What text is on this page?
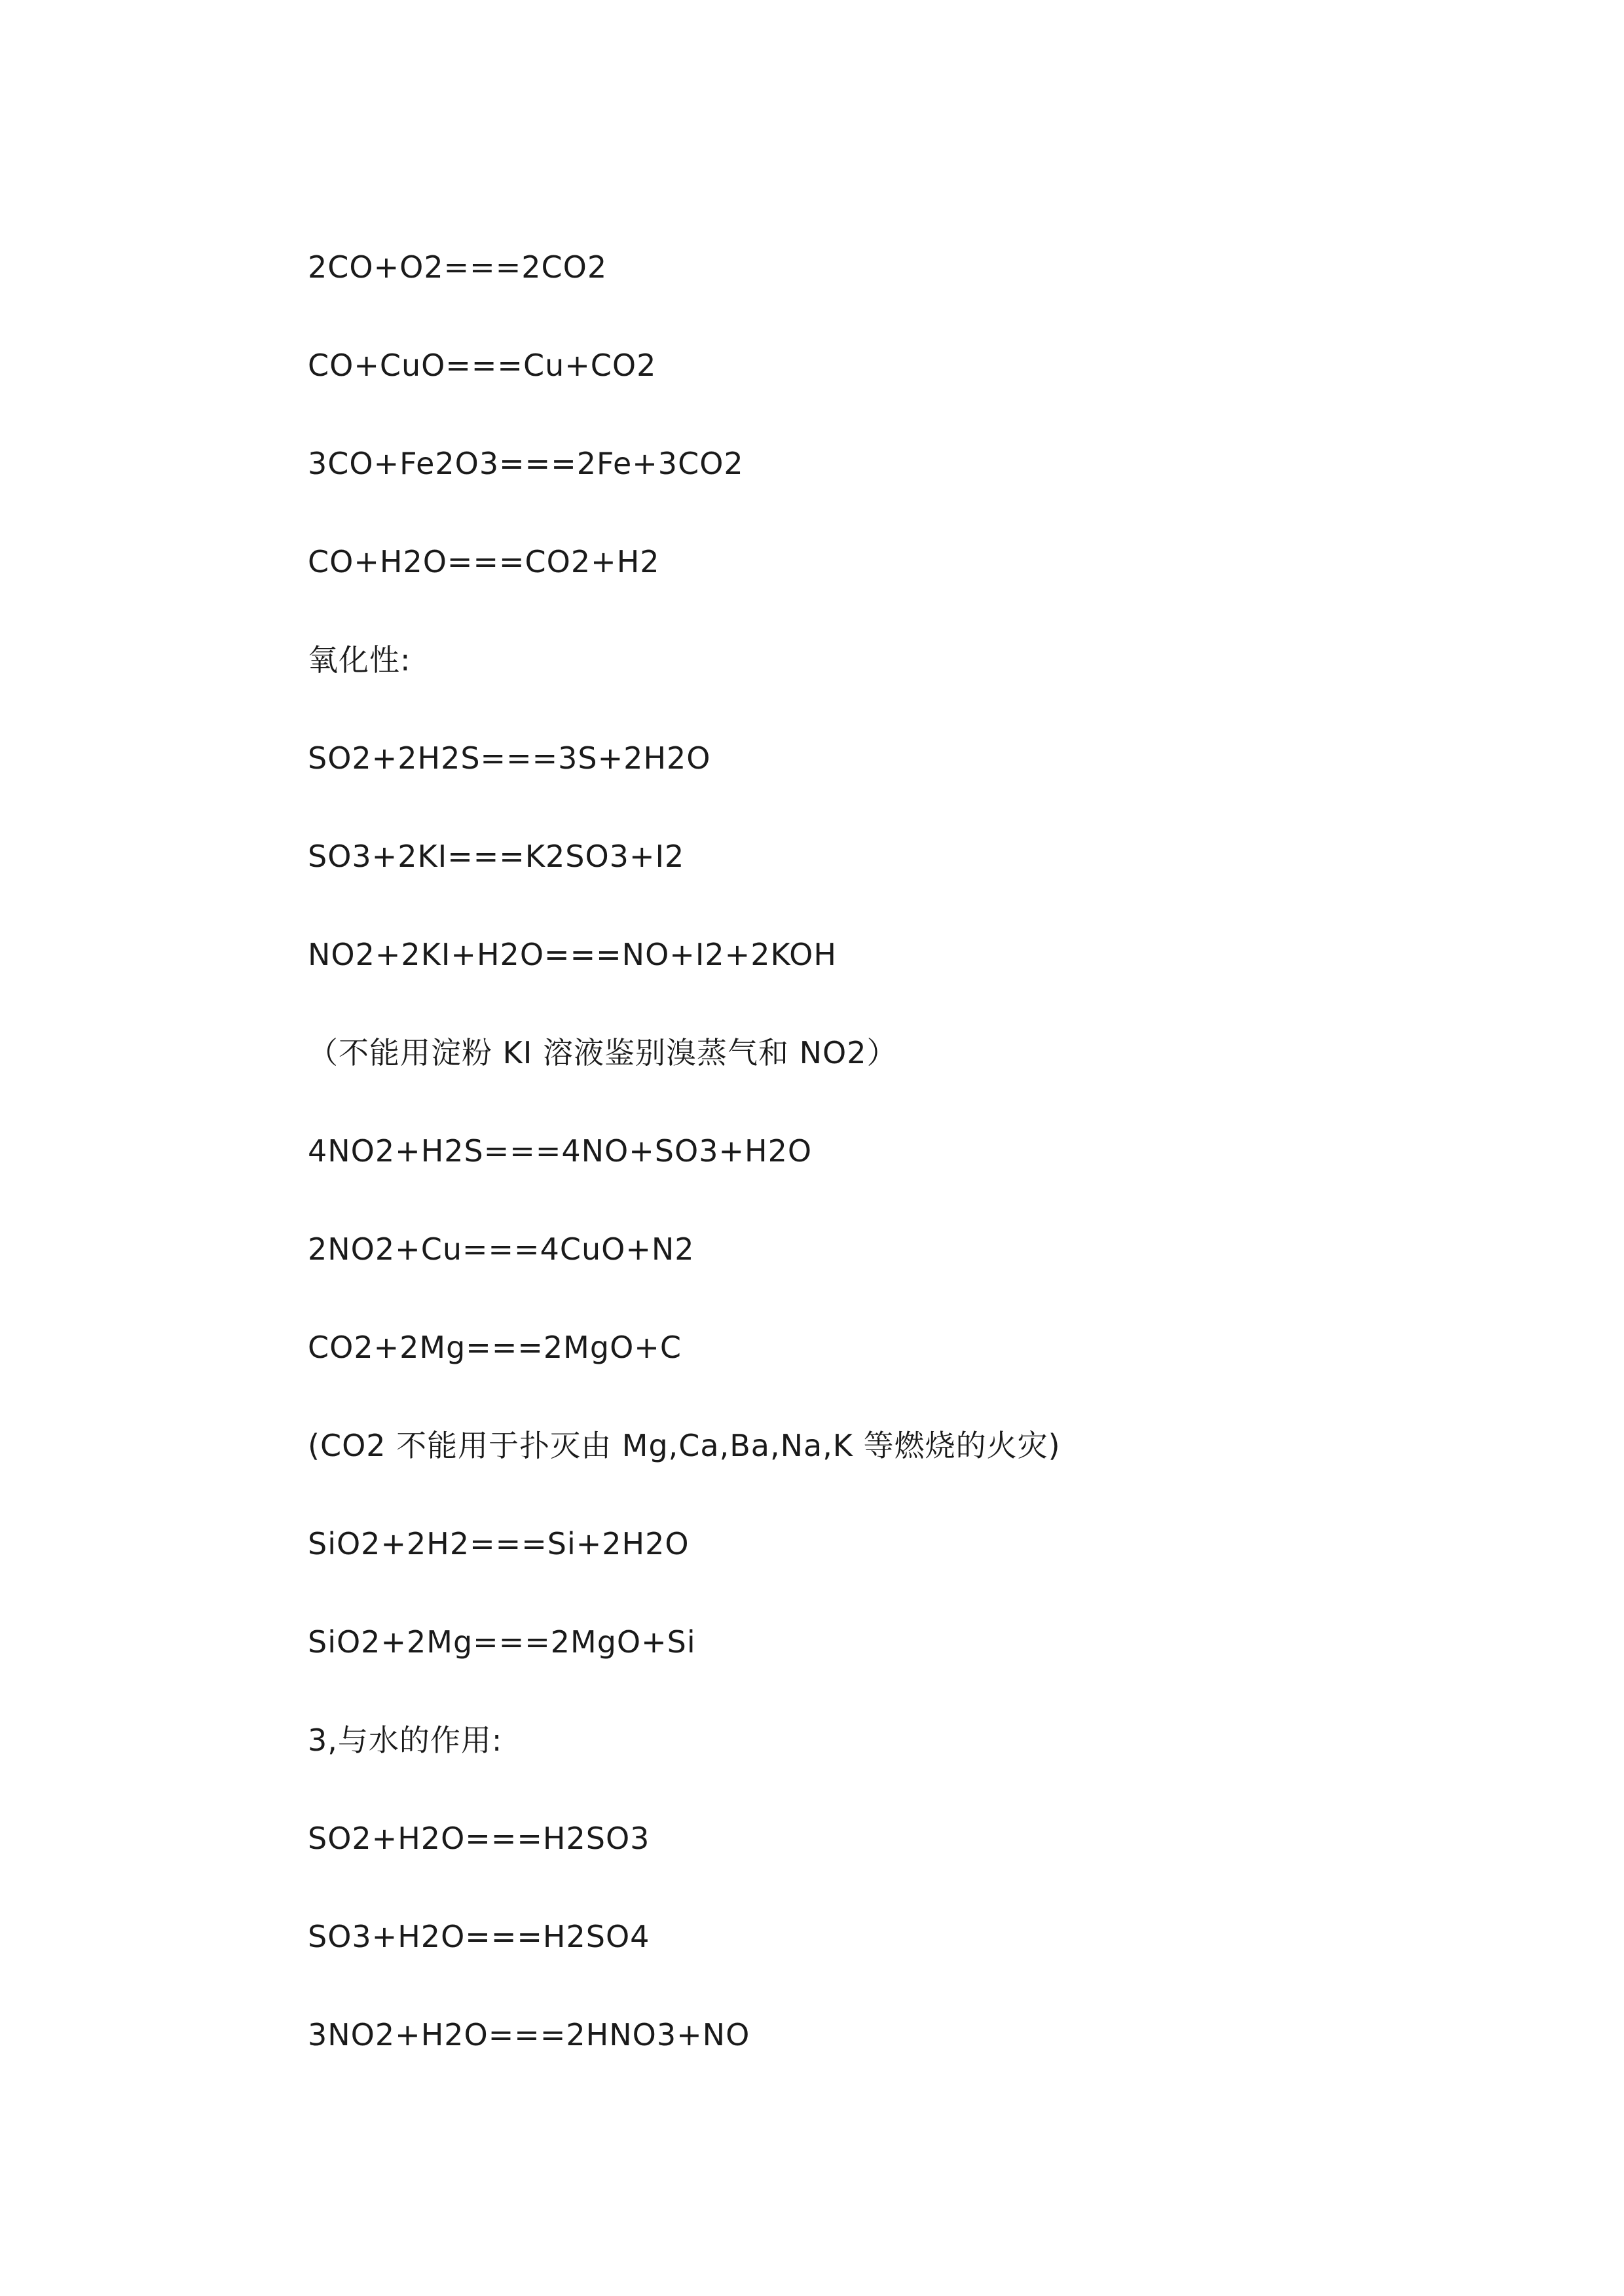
2CO+O2===2CO2
CO+CuO===Cu+CO2
3CO+Fe2O3===2Fe+3CO2
CO+H2O===CO2+H2
氧化性:
SO2+2H2S===3S+2H2O
SO3+2KI===K2SO3+I2
NO2+2KI+H2O===NO+I2+2KOH
（不能用淀粉 KI 溶液鉴别溴蒸气和 NO2）
4NO2+H2S===4NO+SO3+H2O
2NO2+Cu===4CuO+N2
CO2+2Mg===2MgO+C
(CO2 不能用于扑灭由 Mg,Ca,Ba,Na,K 等燃烧的火灾)
SiO2+2H2===Si+2H2O
SiO2+2Mg===2MgO+Si
3,与水的作用:
SO2+H2O===H2SO3
SO3+H2O===H2SO4
3NO2+H2O===2HNO3+NO
